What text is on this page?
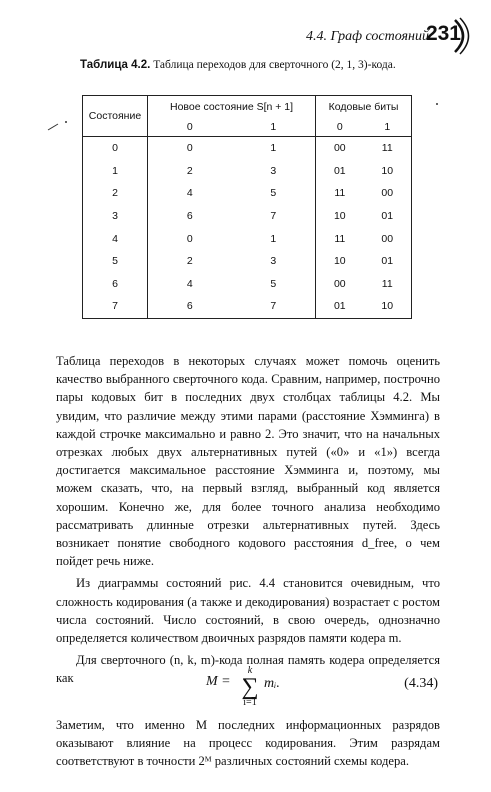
4.4. Граф состояний
231
Таблица 4.2. Таблица переходов для сверточного (2, 1, 3)-кода.
Состояние	Новое состояние S[n + 1]		Кодовые биты	
	0	1	0	1
0	0	1	00	11
1	2	3	01	10
2	4	5	11	00
3	6	7	10	01
4	0	1	11	00
5	2	3	10	01
6	4	5	00	11
7	6	7	01	10

Таблица переходов в некоторых случаях может помочь оценить качество выбранного сверточного кода. Сравним, например, построчно пары кодовых бит в последних двух столбцах таблицы 4.2. Мы увидим, что различие между этими парами (расстояние Хэмминга) в каждой строчке максимально и равно 2. Это значит, что на начальных отрезках любых двух альтернативных путей («0» и «1») всегда достигается максимальное расстояние Хэмминга и, поэтому, мы можем сказать, что, на первый взгляд, выбранный код является хорошим. Конечно же, для более точного анализа необходимо рассматривать длинные отрезки альтернативных путей. Здесь возникает понятие свободного кодового расстояния d_free, о чем пойдет речь ниже.

Из диаграммы состояний рис. 4.4 становится очевидным, что сложность кодирования (а также и декодирования) возрастает с ростом числа состояний. Число состояний, в свою очередь, однозначно определяется количеством двоичных разрядов памяти кодера m.

Для сверточного (n, k, m)-кода полная память кодера определяется как	M =
k
∑
i=1
mᵢ.	(4.34)

Заметим, что именно M последних информационных разрядов оказывают влияние на процесс кодирования. Этим разрядам соответствуют в точности 2ᴹ различных состояний схемы кодера.
